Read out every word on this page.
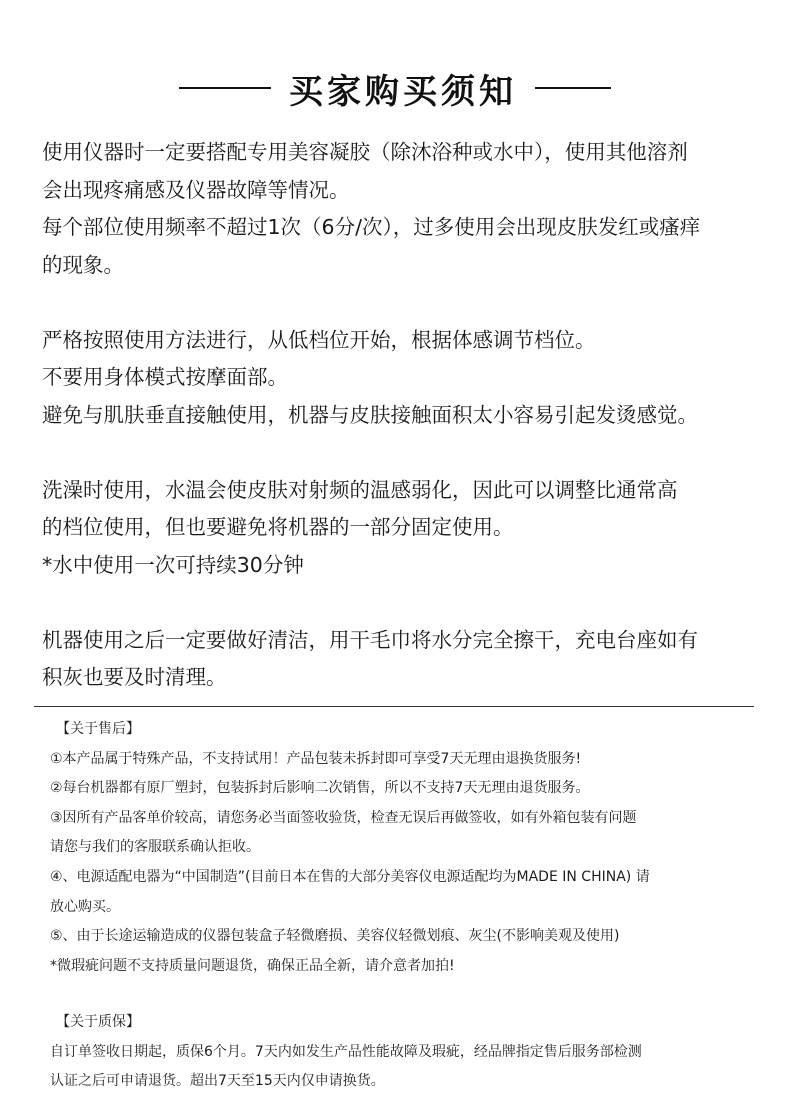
买家购买须知
使用仪器时一定要搭配专用美容凝胶（除沐浴种或水中），使用其他溶剂
会出现疼痛感及仪器故障等情况。
每个部位使用频率不超过1次（6分/次），过多使用会出现皮肤发红或瘙痒
的现象。
严格按照使用方法进行，从低档位开始，根据体感调节档位。
不要用身体模式按摩面部。
避免与肌肤垂直接触使用，机器与皮肤接触面积太小容易引起发烫感觉。
洗澡时使用，水温会使皮肤对射频的温感弱化，因此可以调整比通常高
的档位使用，但也要避免将机器的一部分固定使用。
*水中使用一次可持续30分钟
机器使用之后一定要做好清洁，用干毛巾将水分完全擦干，充电台座如有
积灰也要及时清理。
【关于售后】
①本产品属于特殊产品，不支持试用！产品包装未拆封即可享受7天无理由退换货服务!
②每台机器都有原厂塑封，包装拆封后影响二次销售，所以不支持7天无理由退货服务。
③因所有产品客单价较高，请您务必当面签收验货，检查无误后再做签收，如有外箱包装有问题
请您与我们的客服联系确认拒收。
④、电源适配电器为“中国制造”(目前日本在售的大部分美容仪电源适配均为MADE IN CHINA) 请
放心购买。
⑤、由于长途运输造成的仪器包装盒子轻微磨损、美容仪轻微划痕、灰尘(不影响美观及使用)
*微瑕疵问题不支持质量问题退货，确保正品全新，请介意者加拍!
【关于质保】
自订单签收日期起，质保6个月。7天内如发生产品性能故障及瑕疵，经品牌指定售后服务部检测
认证之后可申请退货。超出7天至15天内仅申请换货。
